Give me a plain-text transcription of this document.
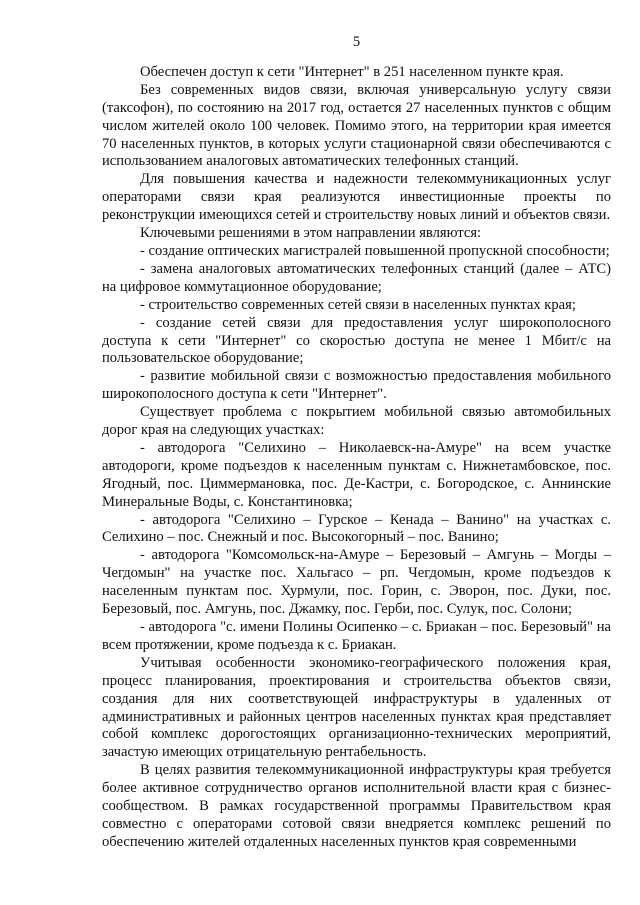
5

Обеспечен доступ к сети "Интернет" в 251 населенном пункте края.

Без современных видов связи, включая универсальную услугу связи (таксофон), по состоянию на 2017 год, остается 27 населенных пунктов с общим числом жителей около 100 человек. Помимо этого, на территории края имеется 70 населенных пунктов, в которых услуги стационарной связи обеспечиваются с использованием аналоговых автоматических телефонных станций.

Для повышения качества и надежности телекоммуникационных услуг операторами связи края реализуются инвестиционные проекты по реконструкции имеющихся сетей и строительству новых линий и объектов связи.

Ключевыми решениями в этом направлении являются:

- создание оптических магистралей повышенной пропускной способности;

- замена аналоговых автоматических телефонных станций (далее – АТС) на цифровое коммутационное оборудование;

- строительство современных сетей связи в населенных пунктах края;

- создание сетей связи для предоставления услуг широкополосного доступа к сети "Интернет" со скоростью доступа не менее 1 Мбит/с на пользовательское оборудование;

- развитие мобильной связи с возможностью предоставления мобильного широкополосного доступа к сети "Интернет".

Существует проблема с покрытием мобильной связью автомобильных дорог края на следующих участках:

- автодорога "Селихино – Николаевск-на-Амуре" на всем участке автодороги, кроме подъездов к населенным пунктам с. Нижнетамбовское, пос. Ягодный, пос. Циммермановка, пос. Де-Кастри, с. Богородское, с. Аннинские Минеральные Воды, с. Константиновка;

- автодорога "Селихино – Гурское – Кенада – Ванино" на участках с. Селихино – пос. Снежный и пос. Высокогорный – пос. Ванино;

- автодорога "Комсомольск-на-Амуре – Березовый – Амгунь – Могды – Чегдомын" на участке пос. Хальгасо – рп. Чегдомын, кроме подъездов к населенным пунктам пос. Хурмули, пос. Горин, с. Эворон, пос. Дуки, пос. Березовый, пос. Амгунь, пос. Джамку, пос. Герби, пос. Сулук, пос. Солони;

- автодорога "с. имени Полины Осипенко – с. Бриакан – пос. Березовый" на всем протяжении, кроме подъезда к с. Бриакан.

Учитывая особенности экономико-географического положения края, процесс планирования, проектирования и строительства объектов связи, создания для них соответствующей инфраструктуры в удаленных от административных и районных центров населенных пунктах края представляет собой комплекс дорогостоящих организационно-технических мероприятий, зачастую имеющих отрицательную рентабельность.

В целях развития телекоммуникационной инфраструктуры края требуется более активное сотрудничество органов исполнительной власти края с бизнес-сообществом. В рамках государственной программы Правительством края совместно с операторами сотовой связи внедряется комплекс решений по обеспечению жителей отдаленных населенных пунктов края современными
